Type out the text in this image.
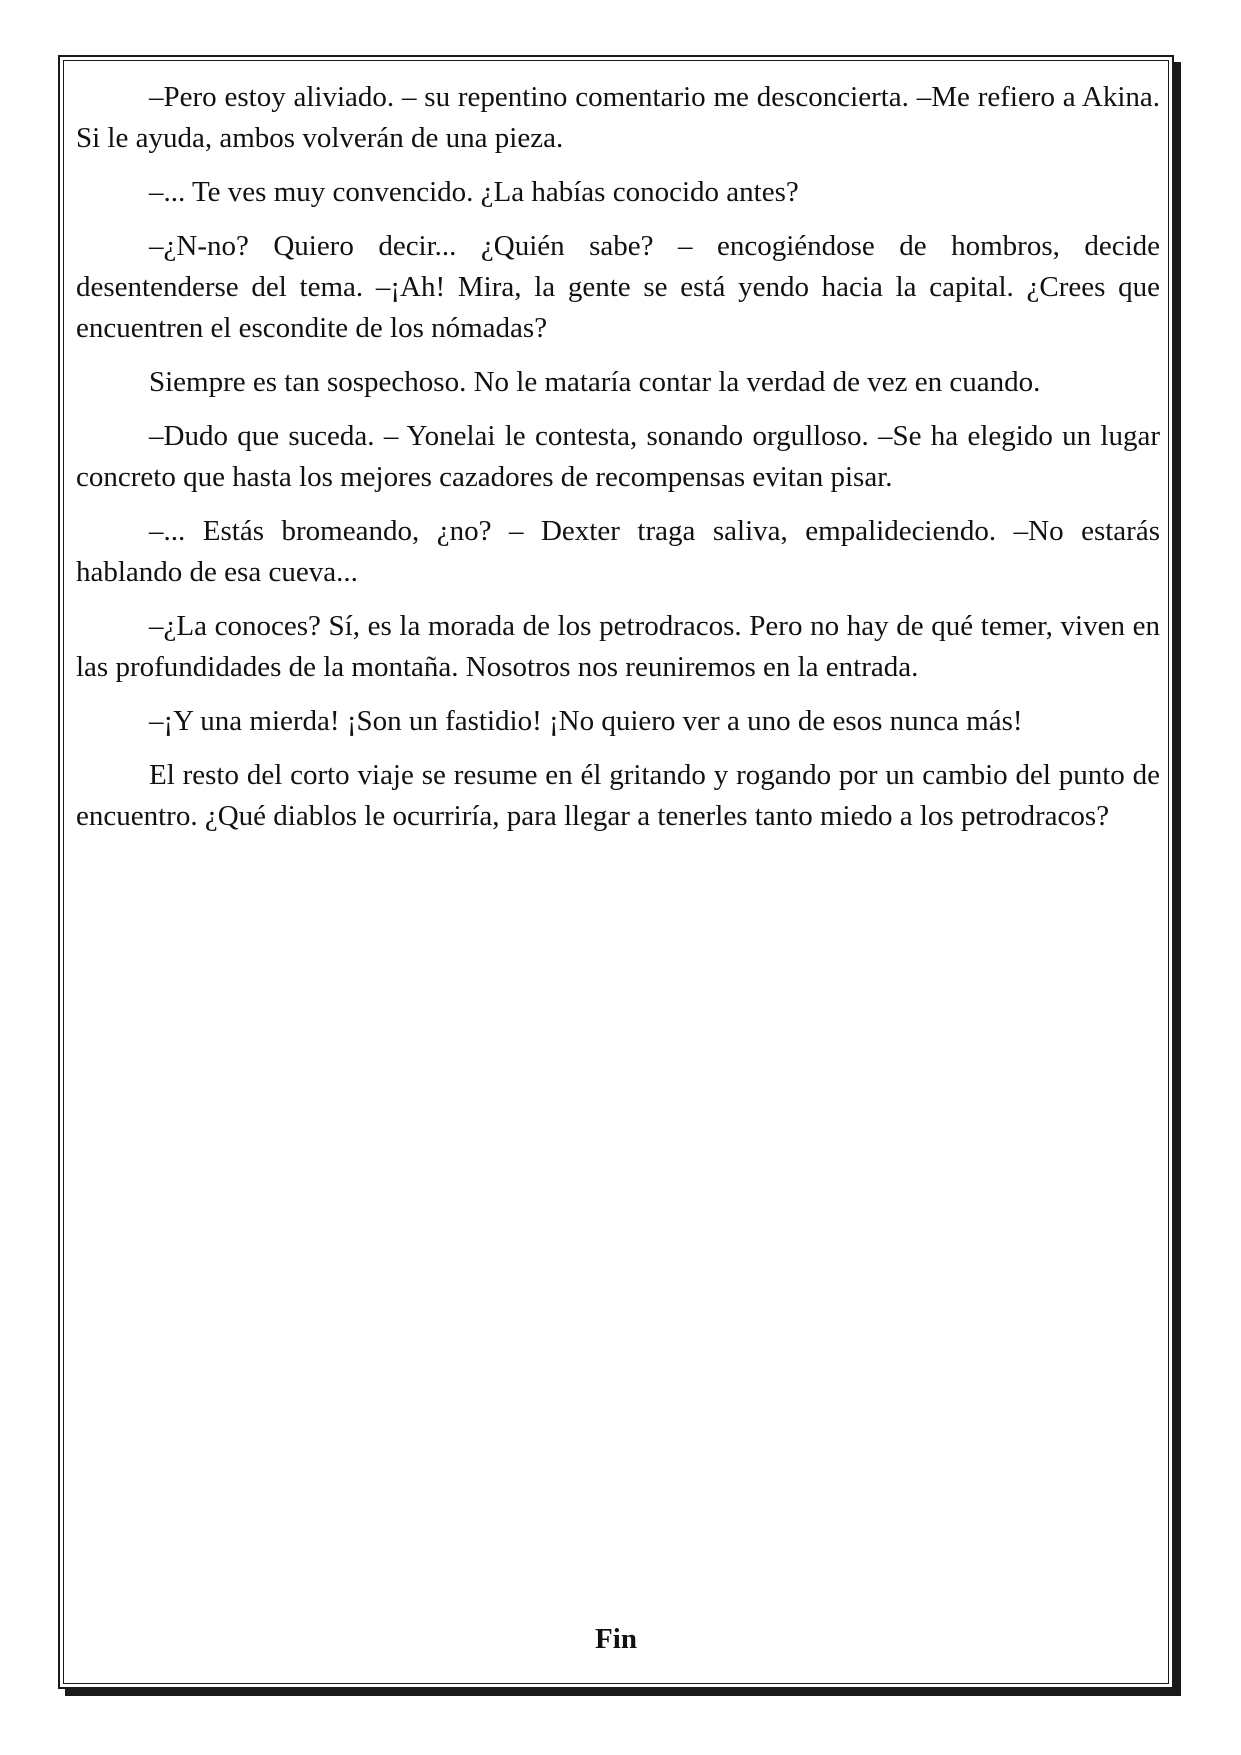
–Pero estoy aliviado. – su repentino comentario me desconcierta. –Me refiero a Akina. Si le ayuda, ambos volverán de una pieza.

–... Te ves muy convencido. ¿La habías conocido antes?

–¿N-no? Quiero decir... ¿Quién sabe? – encogiéndose de hombros, decide desentenderse del tema. –¡Ah! Mira, la gente se está yendo hacia la capital. ¿Crees que encuentren el escondite de los nómadas?

Siempre es tan sospechoso. No le mataría contar la verdad de vez en cuando.

–Dudo que suceda. – Yonelai le contesta, sonando orgulloso. –Se ha elegido un lugar concreto que hasta los mejores cazadores de recompensas evitan pisar.

–... Estás bromeando, ¿no? – Dexter traga saliva, empalideciendo. –No estarás hablando de esa cueva...

–¿La conoces? Sí, es la morada de los petrodracos. Pero no hay de qué temer, viven en las profundidades de la montaña. Nosotros nos reuniremos en la entrada.

–¡Y una mierda! ¡Son un fastidio! ¡No quiero ver a uno de esos nunca más!

El resto del corto viaje se resume en él gritando y rogando por un cambio del punto de encuentro. ¿Qué diablos le ocurriría, para llegar a tenerles tanto miedo a los petrodracos?

Fin
